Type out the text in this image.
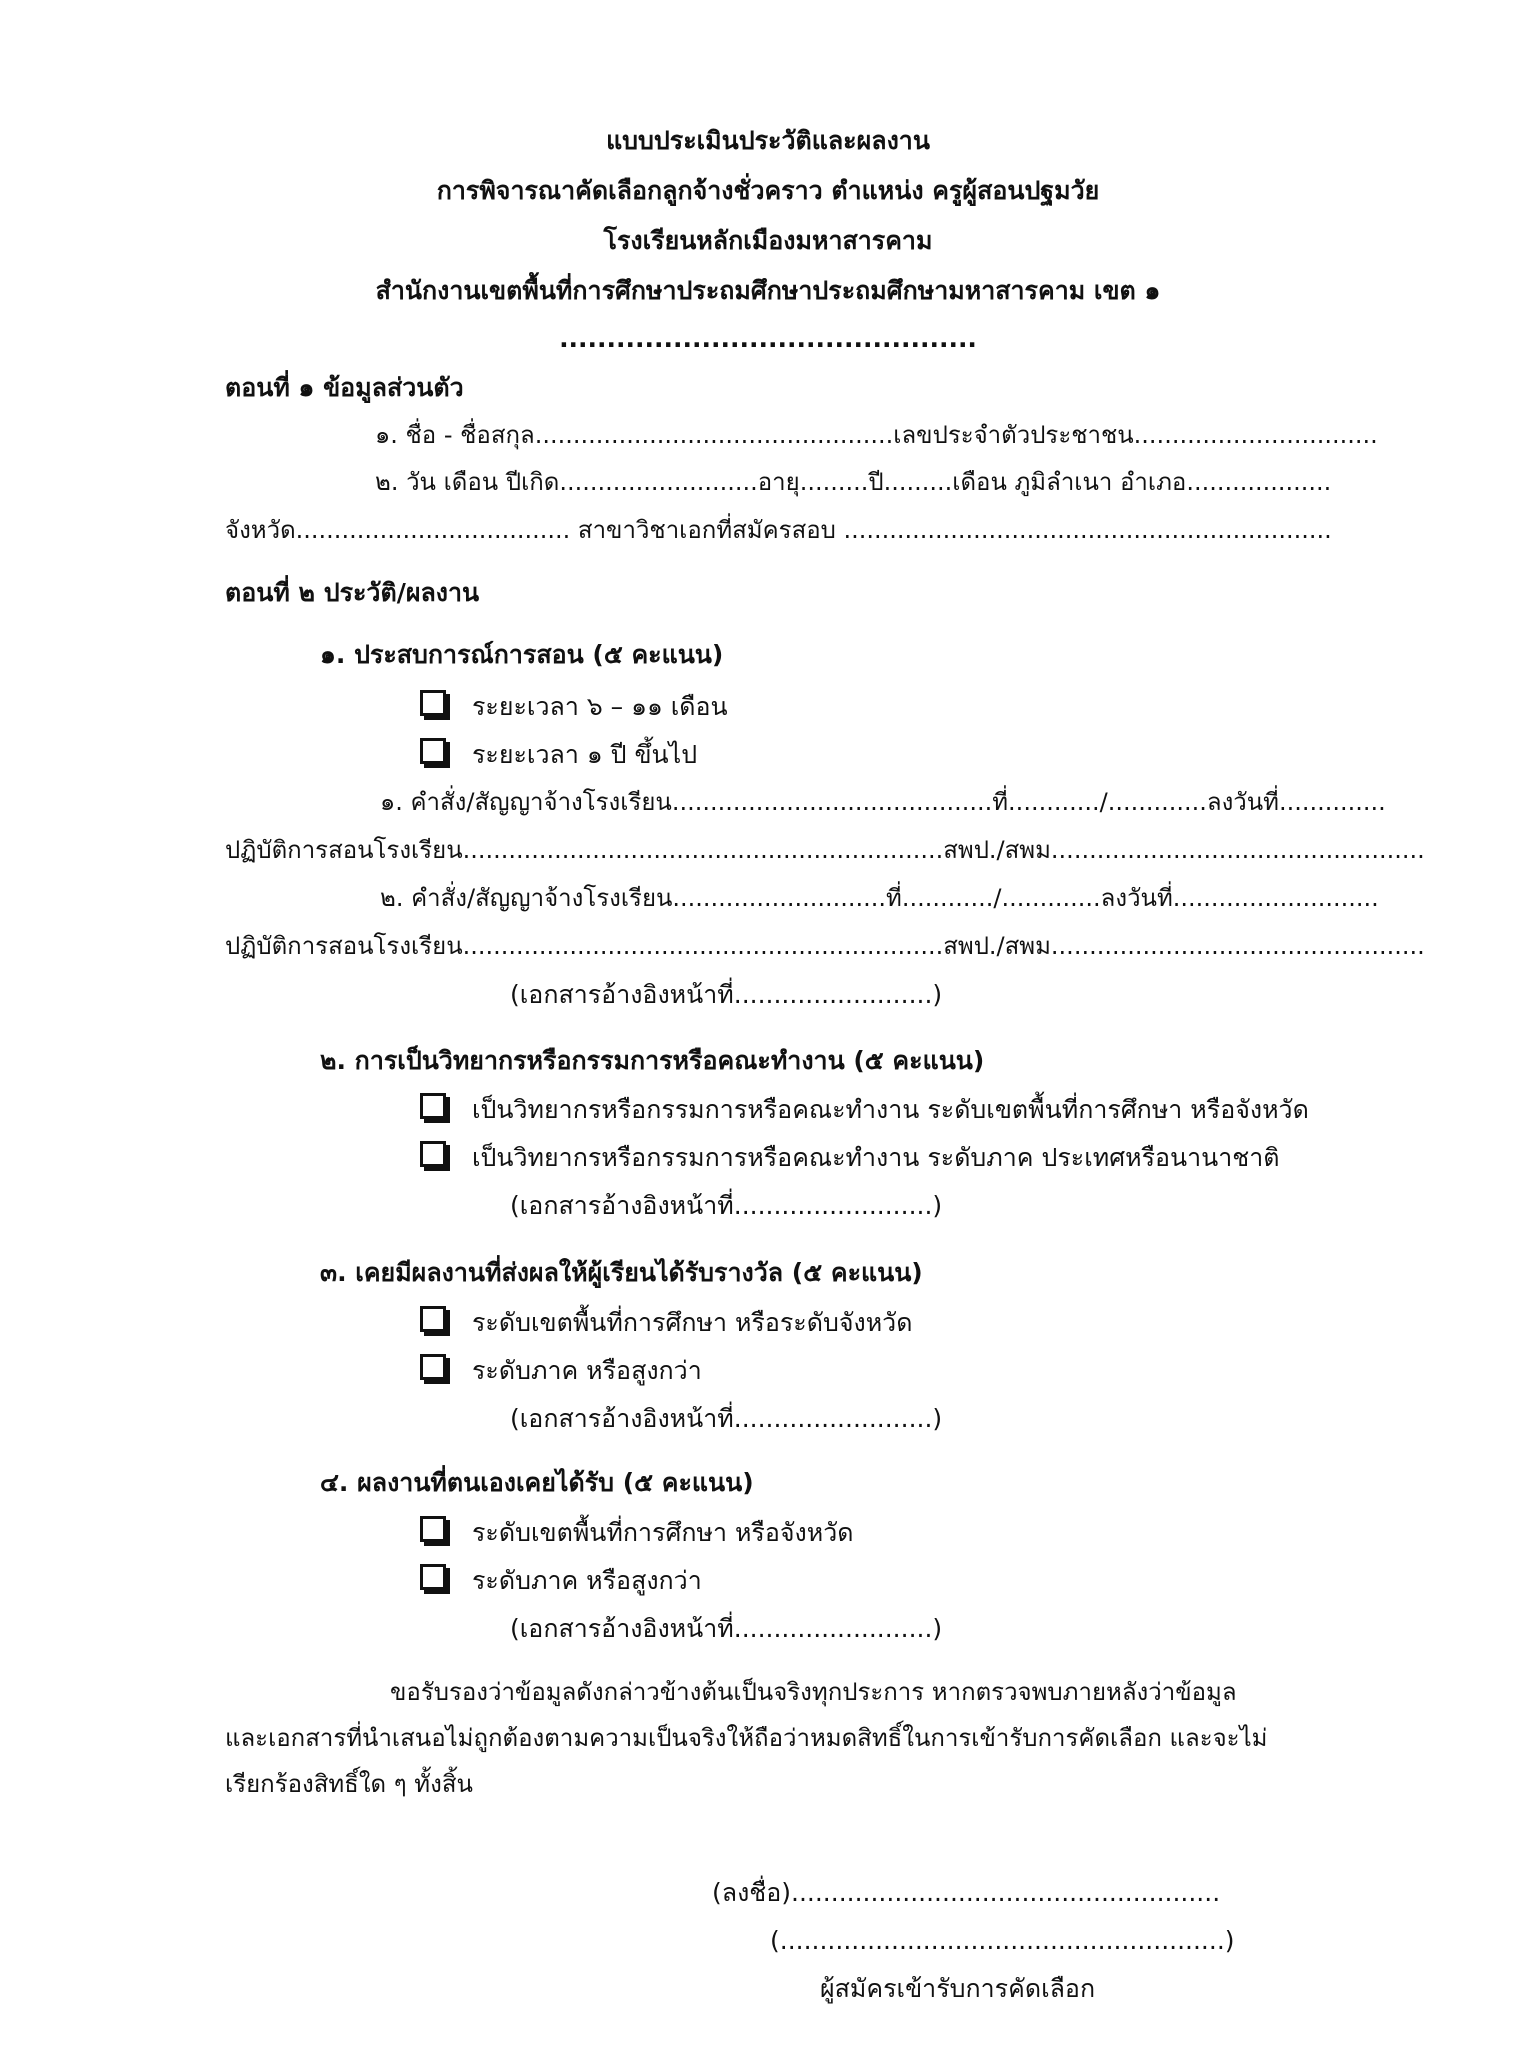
แบบประเมินประวัติและผลงาน
การพิจารณาคัดเลือกลูกจ้างชั่วคราว ตำแหน่ง ครูผู้สอนปฐมวัย
โรงเรียนหลักเมืองมหาสารคาม
สำนักงานเขตพื้นที่การศึกษาประถมศึกษาประถมศึกษามหาสารคาม เขต ๑
............................................
ตอนที่ ๑ ข้อมูลส่วนตัว
๑. ชื่อ - ชื่อสกุล...............................................เลขประจำตัวประชาชน................................
๒. วัน เดือน ปีเกิด..........................อายุ.........ปี.........เดือน ภูมิลำเนา อำเภอ...................
จังหวัด.................................... สาขาวิชาเอกที่สมัครสอบ ................................................................
ตอนที่ ๒ ประวัติ/ผลงาน
๑. ประสบการณ์การสอน (๕ คะแนน)
ระยะเวลา ๖ – ๑๑ เดือน
ระยะเวลา ๑ ปี ขึ้นไป
๑. คำสั่ง/สัญญาจ้างโรงเรียน..........................................ที่............/.............ลงวันที่..............
ปฏิบัติการสอนโรงเรียน...............................................................สพป./สพม.................................................
๒. คำสั่ง/สัญญาจ้างโรงเรียน............................ที่............/.............ลงวันที่...........................
ปฏิบัติการสอนโรงเรียน...............................................................สพป./สพม.................................................
(เอกสารอ้างอิงหน้าที่.........................)
๒. การเป็นวิทยากรหรือกรรมการหรือคณะทำงาน (๕ คะแนน)
เป็นวิทยากรหรือกรรมการหรือคณะทำงาน ระดับเขตพื้นที่การศึกษา หรือจังหวัด
เป็นวิทยากรหรือกรรมการหรือคณะทำงาน ระดับภาค ประเทศหรือนานาชาติ
(เอกสารอ้างอิงหน้าที่.........................)
๓. เคยมีผลงานที่ส่งผลให้ผู้เรียนได้รับรางวัล (๕ คะแนน)
ระดับเขตพื้นที่การศึกษา หรือระดับจังหวัด
ระดับภาค หรือสูงกว่า
(เอกสารอ้างอิงหน้าที่.........................)
๔. ผลงานที่ตนเองเคยได้รับ (๕ คะแนน)
ระดับเขตพื้นที่การศึกษา หรือจังหวัด
ระดับภาค หรือสูงกว่า
(เอกสารอ้างอิงหน้าที่.........................)
ขอรับรองว่าข้อมูลดังกล่าวข้างต้นเป็นจริงทุกประการ หากตรวจพบภายหลังว่าข้อมูล
และเอกสารที่นำเสนอไม่ถูกต้องตามความเป็นจริงให้ถือว่าหมดสิทธิ์ในการเข้ารับการคัดเลือก และจะไม่
เรียกร้องสิทธิ์ใด ๆ ทั้งสิ้น
(ลงชื่อ)......................................................
(........................................................)
ผู้สมัครเข้ารับการคัดเลือก
